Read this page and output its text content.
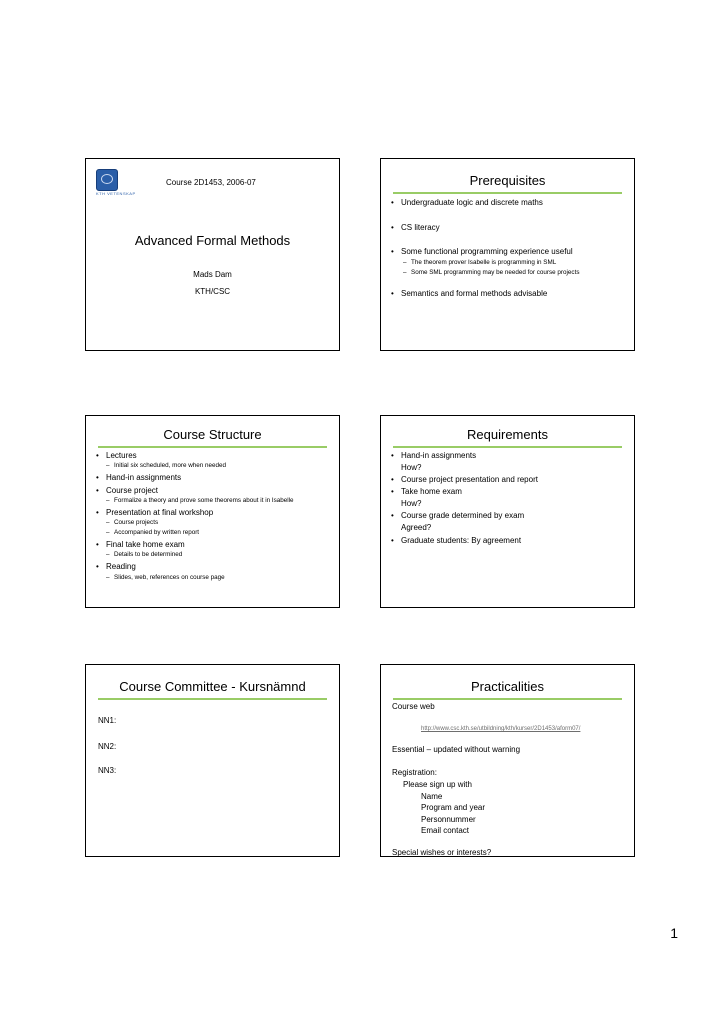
KTH VETENSKAP
Course 2D1453, 2006-07
Advanced Formal Methods
Mads Dam
KTH/CSC
Prerequisites
• Undergraduate logic and discrete maths
• CS literacy
• Some functional programming experience useful
– The theorem prover Isabelle is programming in SML
– Some SML programming may be needed for course projects
• Semantics and formal methods advisable
Course Structure
• Lectures
– Initial six scheduled, more when needed
• Hand-in assignments
• Course project
– Formalize a theory and prove some theorems about it in Isabelle
• Presentation at final workshop
– Course projects
– Accompanied by written report
• Final take home exam
– Details to be determined
• Reading
– Slides, web, references on course page
Requirements
• Hand-in assignments
How?
• Course project presentation and report
• Take home exam
How?
• Course grade determined by exam
Agreed?
• Graduate students: By agreement
Course Committee - Kursnämnd
NN1:
NN2:
NN3:
Practicalities
Course web
http://www.csc.kth.se/utbildning/kth/kurser/2D1453/aform07/
Essential – updated without warning
Registration:
Please sign up with
Name
Program and year
Personnummer
Email contact
Special wishes or interests?
1
